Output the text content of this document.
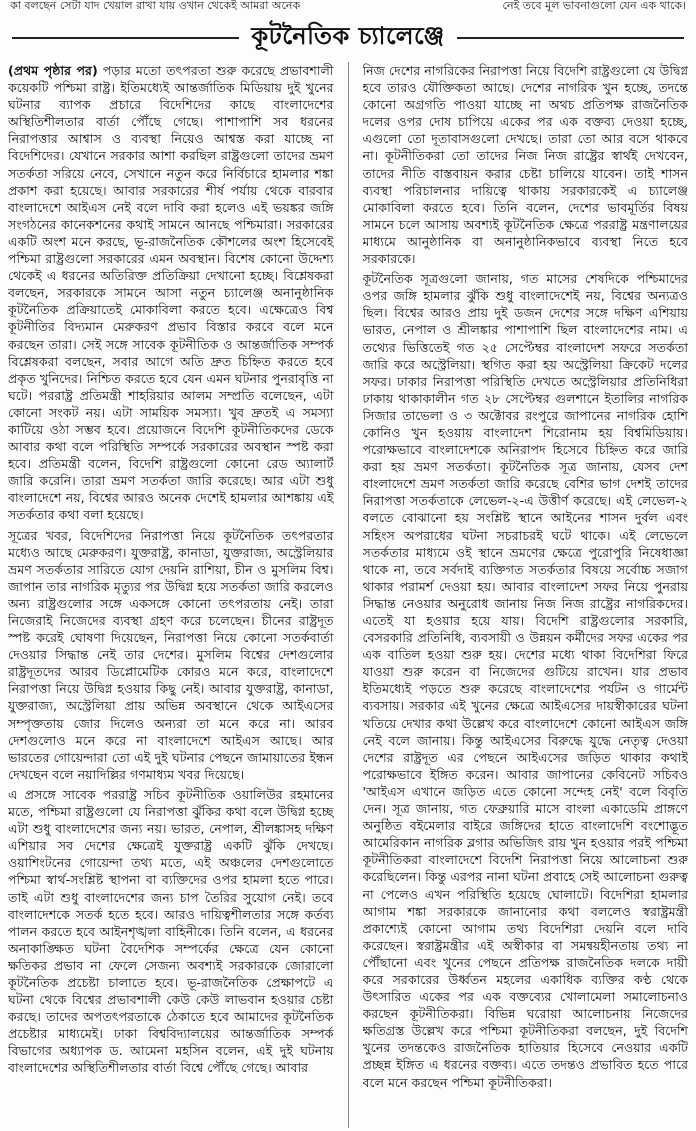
কা বলছেন সেটা যাদ খেয়াল রাখা যায় ওখান থেকেই আমরা অনেক	নেই তবে মূল ভাবনাগুলো যেন এক থাকে।
কূটনৈতিক চ্যালেঞ্জে

(প্রথম পৃষ্ঠার পর) পড়ার মতো তৎপরতা শুরু করেছে প্রভাবশালী কয়েকটি পশ্চিমা রাষ্ট্র। ইতিমধ্যেই আন্তর্জাতিক মিডিয়ায় দুই খুনের ঘটনার ব্যাপক প্রচারে বিদেশিদের কাছে বাংলাদেশের অস্থিতিশীলতার বার্তা পৌঁছে গেছে। পাশাপাশি সব ধরনের নিরাপত্তার আশ্বাস ও ব্যবস্থা নিয়েও আশ্বস্ত করা যাচ্ছে না বিদেশিদের। যেখানে সরকার আশা করছিল রাষ্ট্রগুলো তাদের ভ্রমণ সতর্কতা সরিয়ে নেবে, সেখানে নতুন করে নির্বিচারে হামলার শঙ্কা প্রকাশ করা হয়েছে। আবার সরকারের শীর্ষ পর্যায় থেকে বারবার বাংলাদেশে আইএস নেই বলে দাবি করা হলেও এই ভয়ঙ্কর জঙ্গি সংগঠনের কানেকশনের কথাই সামনে আনছে পশ্চিমারা। সরকারের একটি অংশ মনে করছে, ভূ-রাজনৈতিক কৌশলের অংশ হিসেবেই পশ্চিমা রাষ্ট্রগুলো সরকারের এমন অবস্থান। বিশেষ কোনো উদ্দেশ্য থেকেই এ ধরনের অতিরিক্ত প্রতিক্রিয়া দেখানো হচ্ছে। বিশ্লেষকরা বলছেন, সরকারকে সামনে আসা নতুন চ্যালেঞ্জ অনানুষ্ঠানিক কূটনৈতিক প্রক্রিয়াতেই মোকাবিলা করতে হবে। এক্ষেত্রেও বিশ্ব কূটনীতির বিদ্যমান মেরুকরণ প্রভাব বিস্তার করবে বলে মনে করছেন তারা। সেই সঙ্গে সাবেক কূটনীতিক ও আন্তর্জাতিক সম্পর্ক বিশ্লেষকরা বলছেন, সবার আগে অতি দ্রুত চিহ্নিত করতে হবে প্রকৃত খুনিদের। নিশ্চিত করতে হবে যেন এমন ঘটনার পুনরাবৃত্তি না ঘটে। পররাষ্ট্র প্রতিমন্ত্রী শাহরিয়ার আলম সম্প্রতি বলেছেন, এটা কোনো সংকট নয়। এটা সাময়িক সমস্যা। খুব দ্রুতই এ সমস্যা কাটিয়ে ওঠা সম্ভব হবে। প্রয়োজনে বিদেশি কূটনীতিকদের ডেকে আবার কথা বলে পরিস্থিতি সম্পর্কে সরকারের অবস্থান স্পষ্ট করা হবে। প্রতিমন্ত্রী বলেন, বিদেশি রাষ্ট্রগুলো কোনো রেড অ্যালার্ট জারি করেনি। তারা ভ্রমণ সতর্কতা জারি করেছে। আর এটা শুধু বাংলাদেশে নয়, বিশ্বের আরও অনেক দেশেই হামলার আশঙ্কায় এই সতর্কতার কথা বলা হয়েছে।

সূত্রের খবর, বিদেশিদের নিরাপত্তা নিয়ে কূটনৈতিক তৎপরতার মধ্যেও আছে মেরুকরণ। যুক্তরাষ্ট্র, কানাডা, যুক্তরাজ্য, অস্ট্রেলিয়ার ভ্রমণ সতর্কতার সারিতে যোগ দেয়নি রাশিয়া, চীন ও মুসলিম বিশ্ব। জাপান তার নাগরিক মৃত্যুর পর উদ্বিগ্ন হয়ে সতর্কতা জারি করলেও অন্য রাষ্ট্রগুলোর সঙ্গে একসঙ্গে কোনো তৎপরতায় নেই। তারা নিজেরাই নিজেদের ব্যবস্থা গ্রহণ করে চলেছেন। চীনের রাষ্ট্রদূত স্পষ্ট করেই ঘোষণা দিয়েছেন, নিরাপত্তা নিয়ে কোনো সতর্কবার্তা দেওয়ার সিদ্ধান্ত নেই তার দেশের। মুসলিম বিশ্বের দেশগুলোর রাষ্ট্রদূতদের আরব ডিপ্লোমেটিক কোরও মনে করে, বাংলাদেশে নিরাপত্তা নিয়ে উদ্বিগ্ন হওয়ার কিছু নেই। আবার যুক্তরাষ্ট্র, কানাডা, যুক্তরাজ্য, অস্ট্রেলিয়া প্রায় অভিন্ন অবস্থানে থেকে আইএসের সম্পৃক্ততায় জোর দিলেও অন্যরা তা মনে করে না। আরব দেশগুলোও মনে করে না বাংলাদেশে আইএস আছে। আর ভারতের গোয়েন্দারা তো এই দুই ঘটনার পেছনে জামায়াতের ইন্ধন দেখছেন বলে নয়াদিল্লির গণমাধ্যম খবর দিয়েছে।

এ প্রসঙ্গে সাবেক পররাষ্ট্র সচিব কূটনীতিক ওয়ালিউর রহমানের মতে, পশ্চিমা রাষ্ট্রগুলো যে নিরাপত্তা ঝুঁকির কথা বলে উদ্বিগ্ন হচ্ছে এটা শুধু বাংলাদেশের জন্য নয়। ভারত, নেপাল, শ্রীলঙ্কাসহ দক্ষিণ এশিয়ার সব দেশের ক্ষেত্রেই যুক্তরাষ্ট্র একটি ঝুঁকি দেখছে। ওয়াশিংটনের গোয়েন্দা তথ্য মতে, এই অঞ্চলের দেশগুলোতে পশ্চিমা স্বার্থ-সংশ্লিষ্ট স্থাপনা বা ব্যক্তিদের ওপর হামলা হতে পারে। তাই এটা শুধু বাংলাদেশের জন্য চাপ তৈরির সুযোগ নেই। তবে বাংলাদেশকে সতর্ক হতে হবে। আরও দায়িত্বশীলতার সঙ্গে কর্তব্য পালন করতে হবে আইনশৃঙ্খলা বাহিনীকে। তিনি বলেন, এ ধরনের অনাকাঙ্ক্ষিত ঘটনা বৈদেশিক সম্পর্কের ক্ষেত্রে যেন কোনো ক্ষতিকর প্রভাব না ফেলে সেজন্য অবশ্যই সরকারকে জোরালো কূটনৈতিক প্রচেষ্টা চালাতে হবে। ভূ-রাজনৈতিক প্রেক্ষাপটে এ ঘটনা থেকে বিশ্বের প্রভাবশালী কেউ কেউ লাভবান হওয়ার চেষ্টা করছে। তাদের অপতৎপরতাকে ঠেকাতে হবে আমাদের কূটনৈতিক প্রচেষ্টার মাধ্যমেই। ঢাকা বিশ্ববিদ্যালয়ের আন্তর্জাতিক সম্পর্ক বিভাগের অধ্যাপক ড. আমেনা মহসিন বলেন, এই দুই ঘটনায় বাংলাদেশের অস্থিতিশীলতার বার্তা বিশ্বে পৌঁছে গেছে। আবার

নিজ দেশের নাগরিকের নিরাপত্তা নিয়ে বিদেশি রাষ্ট্রগুলো যে উদ্বিগ্ন হবে তারও যৌক্তিকতা আছে। দেশের নাগরিক খুন হচ্ছে, তদন্তে কোনো অগ্রগতি পাওয়া যাচ্ছে না অথচ প্রতিপক্ষ রাজনৈতিক দলের ওপর দোষ চাপিয়ে একের পর এক বক্তব্য দেওয়া হচ্ছে, এগুলো তো দূতাবাসগুলো দেখছে। তারা তো আর বসে থাকবে না। কূটনীতিকরা তো তাদের নিজ নিজ রাষ্ট্রের স্বার্থই দেখবেন, তাদের নীতি বাস্তবায়ন করার চেষ্টা চালিয়ে যাবেন। তাই শাসন ব্যবস্থা পরিচালনার দায়িত্বে থাকায় সরকারকেই এ চ্যালেঞ্জ মোকাবিলা করতে হবে। তিনি বলেন, দেশের ভাবমূর্তির বিষয় সামনে চলে আসায় অবশ্যই কূটনৈতিক ক্ষেত্রে পররাষ্ট্র মন্ত্রণালয়ের মাধ্যমে আনুষ্ঠানিক বা অনানুষ্ঠানিকভাবে ব্যবস্থা নিতে হবে সরকারকে।

কূটনৈতিক সূত্রগুলো জানায়, গত মাসের শেষদিকে পশ্চিমাদের ওপর জঙ্গি হামলার ঝুঁকি শুধু বাংলাদেশেই নয়, বিশ্বের অন্যত্রও ছিল। বিশ্বের আরও প্রায় দুই ডজন দেশের সঙ্গে দক্ষিণ এশিয়ায় ভারত, নেপাল ও শ্রীলঙ্কার পাশাপাশি ছিল বাংলাদেশের নাম। এ তথ্যের ভিত্তিতেই গত ২৫ সেপ্টেম্বর বাংলাদেশ সফরে সতর্কতা জারি করে অস্ট্রেলিয়া। স্থগিত করা হয় অস্ট্রেলিয়া ক্রিকেট দলের সফর। ঢাকার নিরাপত্তা পরিস্থিতি দেখতে অস্ট্রেলিয়ার প্রতিনিধিরা ঢাকায় থাকাকালীন গত ২৮ সেপ্টেম্বর গুলশানে ইতালির নাগরিক সিজার তাভেলা ও ৩ অক্টোবর রংপুরে জাপানের নাগরিক হোশি কোনিও খুন হওয়ায় বাংলাদেশ শিরোনাম হয় বিশ্বমিডিয়ায়। পরোক্ষভাবে বাংলাদেশকে অনিরাপদ হিসেবে চিহ্নিত করে জারি করা হয় ভ্রমণ সতর্কতা। কূটনৈতিক সূত্র জানায়, যেসব দেশ বাংলাদেশে ভ্রমণ সতর্কতা জারি করেছে বেশির ভাগ দেশই তাদের নিরাপত্তা সতর্কতাকে লেভেল-২-এ উত্তীর্ণ করেছে। এই লেভেল-২ বলতে বোঝানো হয় সংশ্লিষ্ট স্থানে আইনের শাসন দুর্বল এবং সহিংস অপরাধের ঘটনা সচরাচরই ঘটে থাকে। এই লেভেলে সতর্কতার মাধ্যমে ওই স্থানে ভ্রমণের ক্ষেত্রে পুরোপুরি নিষেধাজ্ঞা থাকে না, তবে সর্বদাই ব্যক্তিগত সতর্কতার বিষয়ে সর্বোচ্চ সজাগ থাকার পরামর্শ দেওয়া হয়। আবার বাংলাদেশ সফর নিয়ে পুনরায় সিদ্ধান্ত নেওয়ার অনুরোধ জানায় নিজ নিজ রাষ্ট্রের নাগরিকদের। এতেই যা হওয়ার হয়ে যায়। বিদেশি রাষ্ট্রগুলোর সরকারি, বেসরকারি প্রতিনিধি, ব্যবসায়ী ও উন্নয়ন কর্মীদের সফর একের পর এক বাতিল হওয়া শুরু হয়। দেশের মধ্যে থাকা বিদেশিরা ফিরে যাওয়া শুরু করেন বা নিজেদের গুটিয়ে রাখেন। যার প্রভাব ইতিমধ্যেই পড়তে শুরু করেছে বাংলাদেশের পর্যটন ও গার্মেন্ট ব্যবসায়। সরকার এই খুনের ক্ষেত্রে আইএসের দায়স্বীকারের ঘটনা খতিয়ে দেখার কথা উল্লেখ করে বাংলাদেশে কোনো আইএস জঙ্গি নেই বলে জানায়। কিন্তু আইএসের বিরুদ্ধে যুদ্ধে নেতৃত্ব দেওয়া দেশের রাষ্ট্রদূত এর পেছনে আইএসের জড়িত থাকার কথাই পরোক্ষভাবে ইঙ্গিত করেন। আবার জাপানের কেবিনেট সচিবও 'আইএস এখানে জড়িত এতে কোনো সন্দেহ নেই' বলে বিবৃতি দেন। সূত্র জানায়, গত ফেব্রুয়ারি মাসে বাংলা একাডেমি প্রাঙ্গণে অনুষ্ঠিত বইমেলার বাইরে জঙ্গিদের হাতে বাংলাদেশি বংশোদ্ভূত আমেরিকান নাগরিক ব্লগার অভিজিৎ রায় খুন হওয়ার পরই পশ্চিমা কূটনীতিকরা বাংলাদেশে বিদেশি নিরাপত্তা নিয়ে আলোচনা শুরু করেছিলেন। কিন্তু এরপর নানা ঘটনা প্রবাহে সেই আলোচনা গুরুত্ব না পেলেও এখন পরিস্থিতি হয়েছে ঘোলাটে। বিদেশিরা হামলার আগাম শঙ্কা সরকারকে জানানোর কথা বললেও স্বরাষ্ট্রমন্ত্রী প্রকাশ্যেই কোনো আগাম তথ্য বিদেশিরা দেয়নি বলে দাবি করেছেন। স্বরাষ্ট্রমন্ত্রীর এই অস্বীকার বা সমন্বয়হীনতায় তথ্য না পৌঁছানো এবং খুনের পেছনে প্রতিপক্ষ রাজনৈতিক দলকে দায়ী করে সরকারের উর্ধ্বতন মহলের একাধিক ব্যক্তির কণ্ঠ থেকে উৎসারিত একের পর এক বক্তব্যের খোলামেলা সমালোচনাও করছেন কূটনীতিকরা। বিভিন্ন ঘরোয়া আলোচনায় নিজেদের ক্ষতিগ্রস্ত উল্লেখ করে পশ্চিমা কূটনীতিকরা বলছেন, দুই বিদেশি খুনের তদন্তকেও রাজনৈতিক হাতিয়ার হিসেবে নেওয়ার একটি প্রচ্ছন্ন ইঙ্গিত এ ধরনের বক্তব্য। এতে তদন্তও প্রভাবিত হতে পারে বলে মনে করছেন পশ্চিমা কূটনীতিকরা।
